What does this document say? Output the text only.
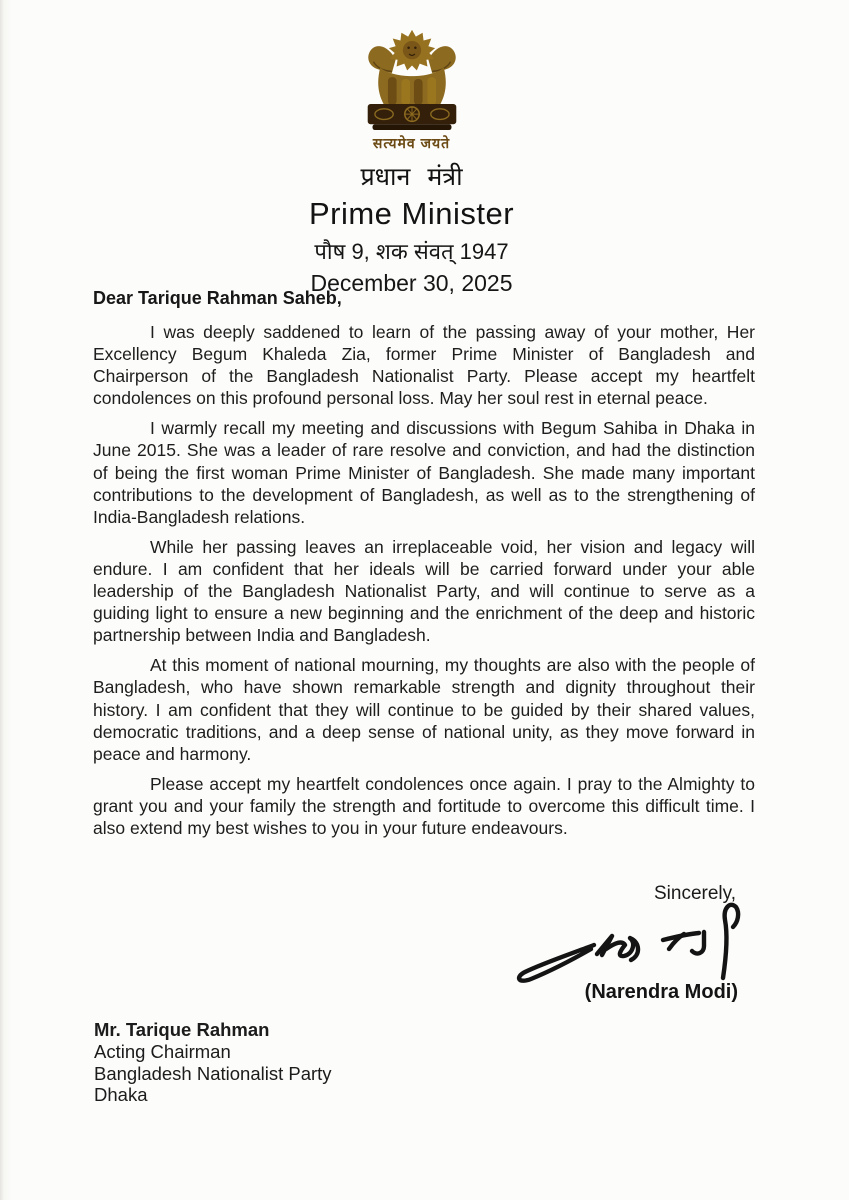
सत्यमेव जयते
प्रधान मंत्री
Prime Minister
पौष 9, शक संवत् 1947
December 30, 2025

Dear Tarique Rahman Saheb,

I was deeply saddened to learn of the passing away of your mother, Her Excellency Begum Khaleda Zia, former Prime Minister of Bangladesh and Chairperson of the Bangladesh Nationalist Party. Please accept my heartfelt condolences on this profound personal loss. May her soul rest in eternal peace.

I warmly recall my meeting and discussions with Begum Sahiba in Dhaka in June 2015. She was a leader of rare resolve and conviction, and had the distinction of being the first woman Prime Minister of Bangladesh. She made many important contributions to the development of Bangladesh, as well as to the strengthening of India-Bangladesh relations.

While her passing leaves an irreplaceable void, her vision and legacy will endure. I am confident that her ideals will be carried forward under your able leadership of the Bangladesh Nationalist Party, and will continue to serve as a guiding light to ensure a new beginning and the enrichment of the deep and historic partnership between India and Bangladesh.

At this moment of national mourning, my thoughts are also with the people of Bangladesh, who have shown remarkable strength and dignity throughout their history. I am confident that they will continue to be guided by their shared values, democratic traditions, and a deep sense of national unity, as they move forward in peace and harmony.

Please accept my heartfelt condolences once again. I pray to the Almighty to grant you and your family the strength and fortitude to overcome this difficult time. I also extend my best wishes to you in your future endeavours.

Sincerely,
(Narendra Modi)
Mr. Tarique Rahman
Acting Chairman
Bangladesh Nationalist Party
Dhaka
